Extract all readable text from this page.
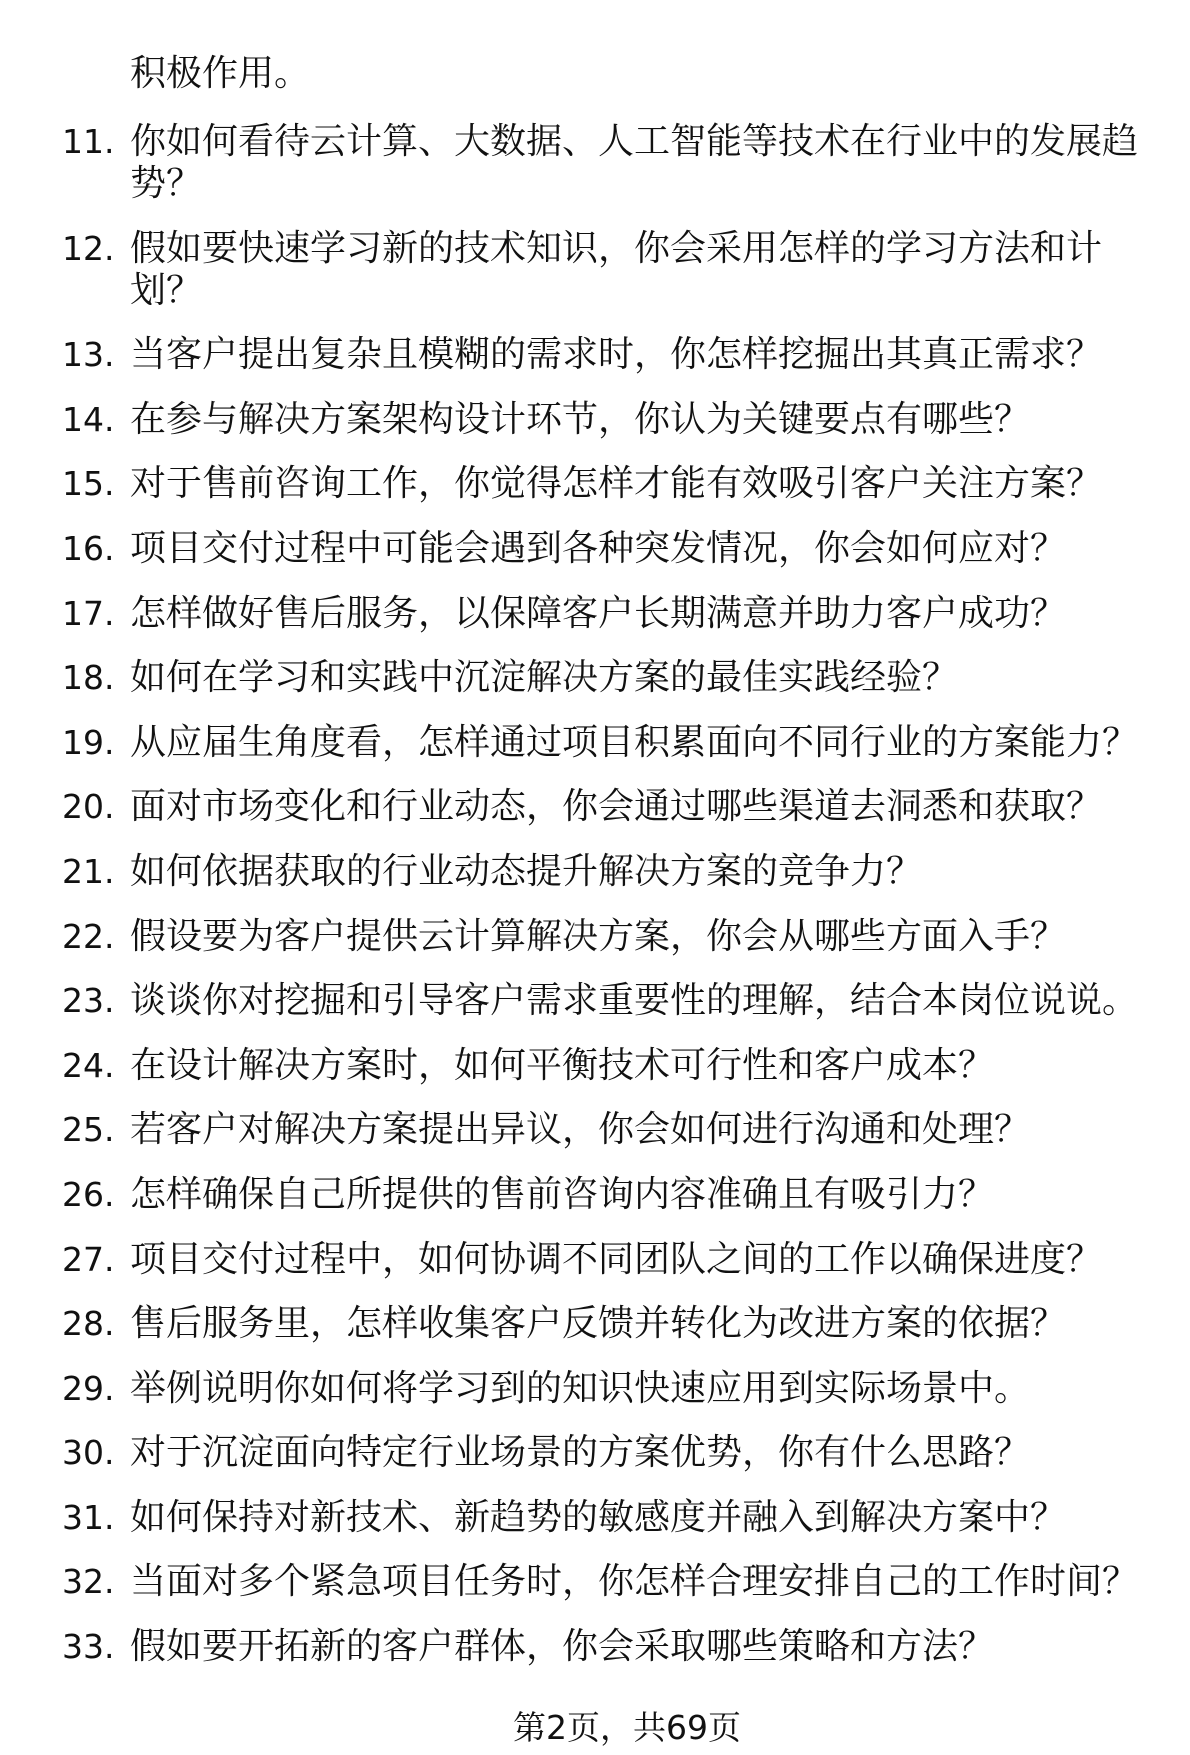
积极作用。
11. 你如何看待云计算、大数据、人工智能等技术在行业中的发展趋
势？
12. 假如要快速学习新的技术知识，你会采用怎样的学习方法和计
划？
13. 当客户提出复杂且模糊的需求时，你怎样挖掘出其真正需求？
14. 在参与解决方案架构设计环节，你认为关键要点有哪些？
15. 对于售前咨询工作，你觉得怎样才能有效吸引客户关注方案？
16. 项目交付过程中可能会遇到各种突发情况，你会如何应对？
17. 怎样做好售后服务，以保障客户长期满意并助力客户成功？
18. 如何在学习和实践中沉淀解决方案的最佳实践经验？
19. 从应届生角度看，怎样通过项目积累面向不同行业的方案能力？
20. 面对市场变化和行业动态，你会通过哪些渠道去洞悉和获取？
21. 如何依据获取的行业动态提升解决方案的竞争力？
22. 假设要为客户提供云计算解决方案，你会从哪些方面入手？
23. 谈谈你对挖掘和引导客户需求重要性的理解，结合本岗位说说。
24. 在设计解决方案时，如何平衡技术可行性和客户成本？
25. 若客户对解决方案提出异议，你会如何进行沟通和处理？
26. 怎样确保自己所提供的售前咨询内容准确且有吸引力？
27. 项目交付过程中，如何协调不同团队之间的工作以确保进度？
28. 售后服务里，怎样收集客户反馈并转化为改进方案的依据？
29. 举例说明你如何将学习到的知识快速应用到实际场景中。
30. 对于沉淀面向特定行业场景的方案优势，你有什么思路？
31. 如何保持对新技术、新趋势的敏感度并融入到解决方案中？
32. 当面对多个紧急项目任务时，你怎样合理安排自己的工作时间？
33. 假如要开拓新的客户群体，你会采取哪些策略和方法？
第2页，共69页
